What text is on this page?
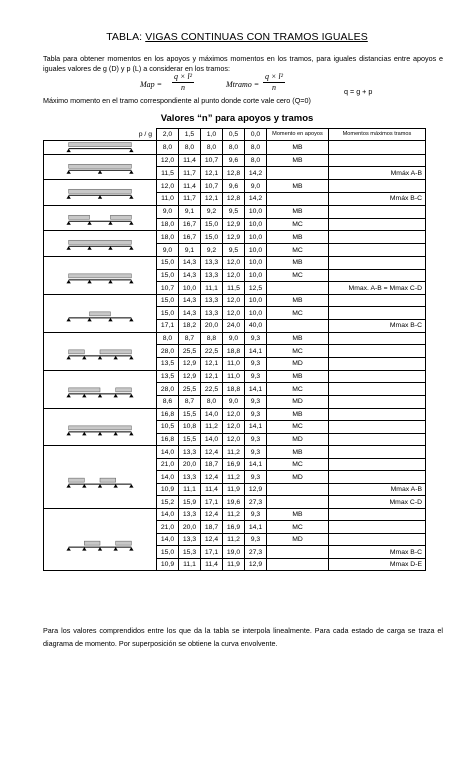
TABLA: VIGAS CONTINUAS CON TRAMOS IGUALES
Tabla para obtener momentos en los apoyos y máximos momentos en los tramos, para iguales distancias entre apoyos e iguales valores de g (D) y p (L) a considerar en los tramos:
Map = $\frac{\text{q × l²}}{n}$	Mtramo = $\frac{\text{q × l²}}{n}$	q = g + p
Máximo momento en el tramo correspondiente al punto donde corte vale cero (Q=0)
Valores “n” para apoyos y tramos
p / g	2,0	1,5	1,0	0,5	0,0	Momento en apoyos	Momentos máximos tramos

	8,0	8,0	8,0	8,0	8,0	MB	

	12,0	11,4	10,7	9,6	8,0	MB	
	11,5	11,7	12,1	12,8	14,2		Mmáx A-B

	12,0	11,4	10,7	9,6	9,0	MB	
	11,0	11,7	12,1	12,8	14,2		Mmáx B-C

	9,0	9,1	9,2	9,5	10,0	MB	
	18,0	16,7	15,0	12,9	10,0	MC	

	18,0	16,7	15,0	12,9	10,0	MB	
	9,0	9,1	9,2	9,5	10,0	MC	

	15,0	14,3	13,3	12,0	10,0	MB	
	15,0	14,3	13,3	12,0	10,0	MC	
	10,7	10,0	11,1	11,5	12,5		Mmax. A-B = Mmax C-D

	15,0	14,3	13,3	12,0	10,0	MB	
	15,0	14,3	13,3	12,0	10,0	MC	
	17,1	18,2	20,0	24,0	40,0		Mmax B-C

	8,0	8,7	8,8	9,0	9,3	MB	
	28,0	25,5	22,5	18,8	14,1	MC	
	13,5	12,9	12,1	11,0	9,3	MD	

	13,5	12,9	12,1	11,0	9,3	MB	
	28,0	25,5	22,5	18,8	14,1	MC	
	8,6	8,7	8,0	9,0	9,3	MD	

	16,8	15,5	14,0	12,0	9,3	MB	
	10,5	10,8	11,2	12,0	14,1	MC	
	16,8	15,5	14,0	12,0	9,3	MD	

	14,0	13,3	12,4	11,2	9,3	MB	
	21,0	20,0	18,7	16,9	14,1	MC	
	14,0	13,3	12,4	11,2	9,3	MD	
	10,9	11,1	11,4	11,9	12,9		Mmax A-B
	15,2	15,9	17,1	19,6	27,3		Mmax C-D

	14,0	13,3	12,4	11,2	9,3	MB	
	21,0	20,0	18,7	16,9	14,1	MC	
	14,0	13,3	12,4	11,2	9,3	MD	
	15,0	15,3	17,1	19,0	27,3		Mmax B-C
	10,9	11,1	11,4	11,9	12,9		Mmax D-E
Para los valores comprendidos entre los que da la tabla se interpola linealmente. Para cada estado de carga se traza el diagrama de momento. Por superposición se obtiene la curva envolvente.
